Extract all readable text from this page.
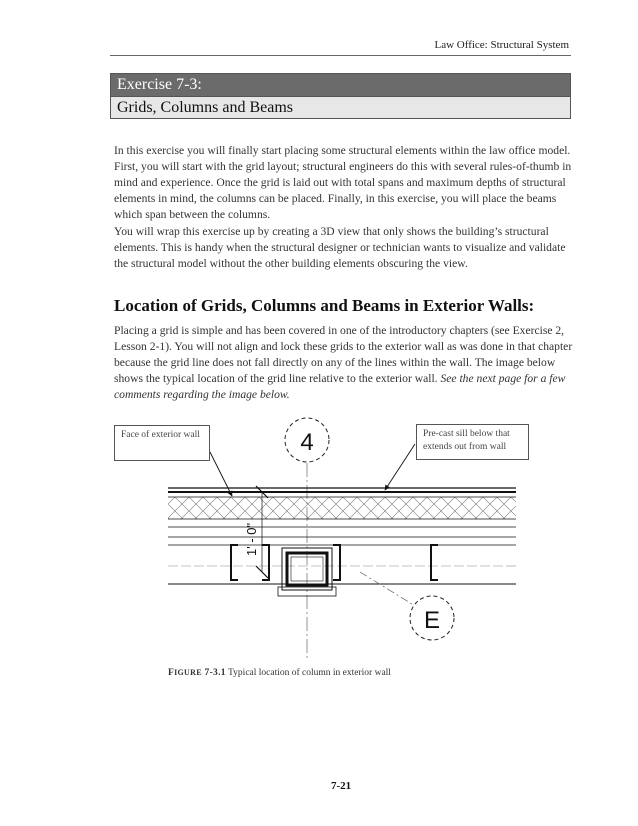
Law Office: Structural System
Exercise 7-3:
Grids, Columns and Beams
In this exercise you will finally start placing some structural elements within the law office model. First, you will start with the grid layout; structural engineers do this with several rules-of-thumb in mind and experience. Once the grid is laid out with total spans and maximum depths of structural elements in mind, the columns can be placed. Finally, in this exercise, you will place the beams which span between the columns.
You will wrap this exercise up by creating a 3D view that only shows the building’s structural elements. This is handy when the structural designer or technician wants to visualize and validate the structural model without the other building elements obscuring the view.
Location of Grids, Columns and Beams in Exterior Walls:
Placing a grid is simple and has been covered in one of the introductory chapters (see Exercise 2, Lesson 2-1). You will not align and lock these grids to the exterior wall as was done in that chapter because the grid line does not fall directly on any of the lines within the wall. The image below shows the typical location of the grid line relative to the exterior wall. See the next page for a few comments regarding the image below.
4
1' - 0"
E
Face of exterior wall	Pre-cast sill below that extends out from wall
FIGURE 7-3.1 Typical location of column in exterior wall
7-21
